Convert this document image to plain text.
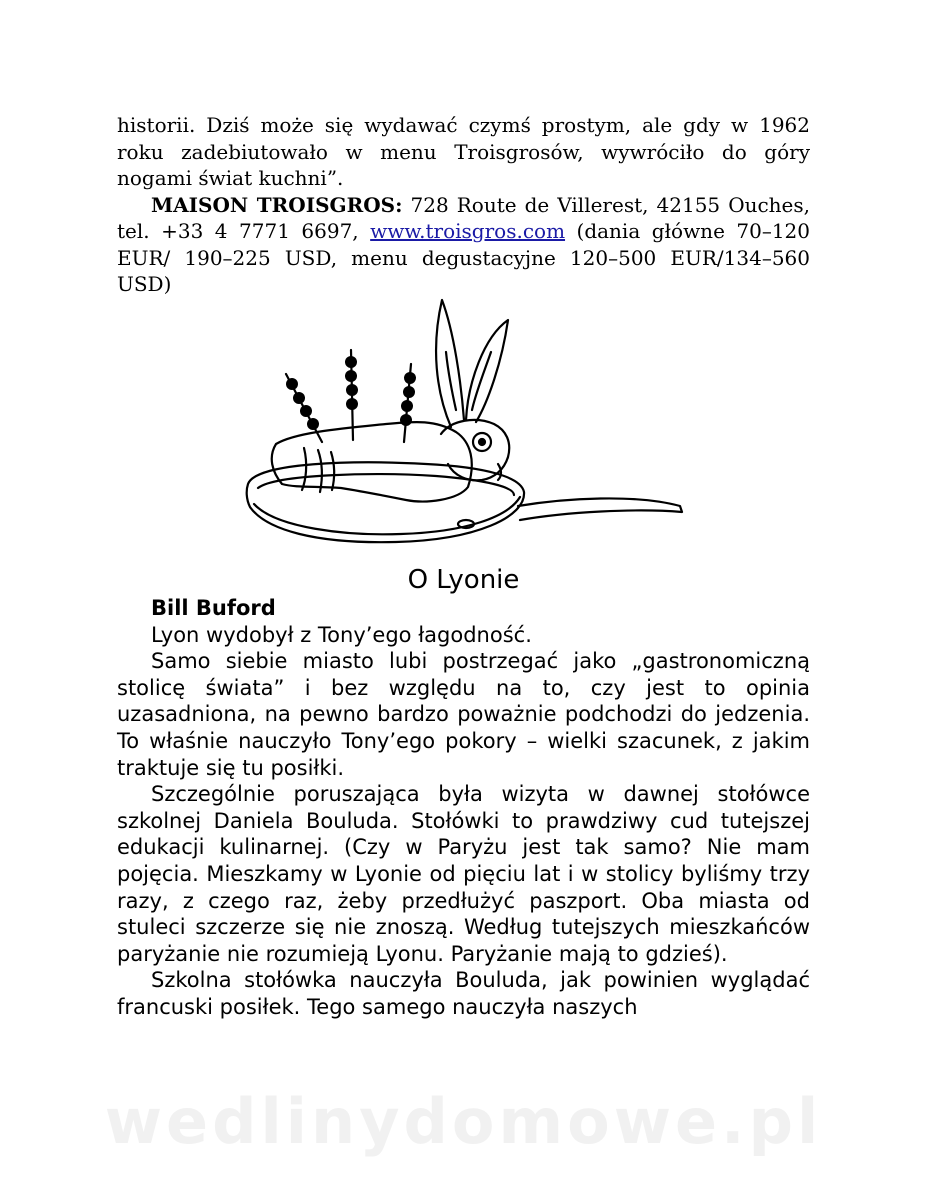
historii. Dziś może się wydawać czymś prostym, ale gdy w 1962 roku zadebiutowało w menu Troisgrosów, wywróciło do góry nogami świat kuchni”.

MAISON TROISGROS: 728 Route de Villerest, 42155 Ouches, tel. +33 4 7771 6697, www.troisgros.com (dania główne 70–120 EUR/ 190–225 USD, menu degustacyjne 120–500 EUR/134–560 USD)

O Lyonie

Bill Buford

Lyon wydobył z Tony’ego łagodność.

Samo siebie miasto lubi postrzegać jako „gastronomiczną stolicę świata” i bez względu na to, czy jest to opinia uzasadniona, na pewno bardzo poważnie podchodzi do jedzenia. To właśnie nauczyło Tony’ego pokory – wielki szacunek, z jakim traktuje się tu posiłki.

Szczególnie poruszająca była wizyta w dawnej stołówce szkolnej Daniela Bouluda. Stołówki to prawdziwy cud tutejszej edukacji kulinarnej. (Czy w Paryżu jest tak samo? Nie mam pojęcia. Mieszkamy w Lyonie od pięciu lat i w stolicy byliśmy trzy razy, z czego raz, żeby przedłużyć paszport. Oba miasta od stuleci szczerze się nie znoszą. Według tutejszych mieszkańców paryżanie nie rozumieją Lyonu. Paryżanie mają to gdzieś).

Szkolna stołówka nauczyła Bouluda, jak powinien wyglądać francuski posiłek. Tego samego nauczyła naszych

wedlinydomowe.pl
